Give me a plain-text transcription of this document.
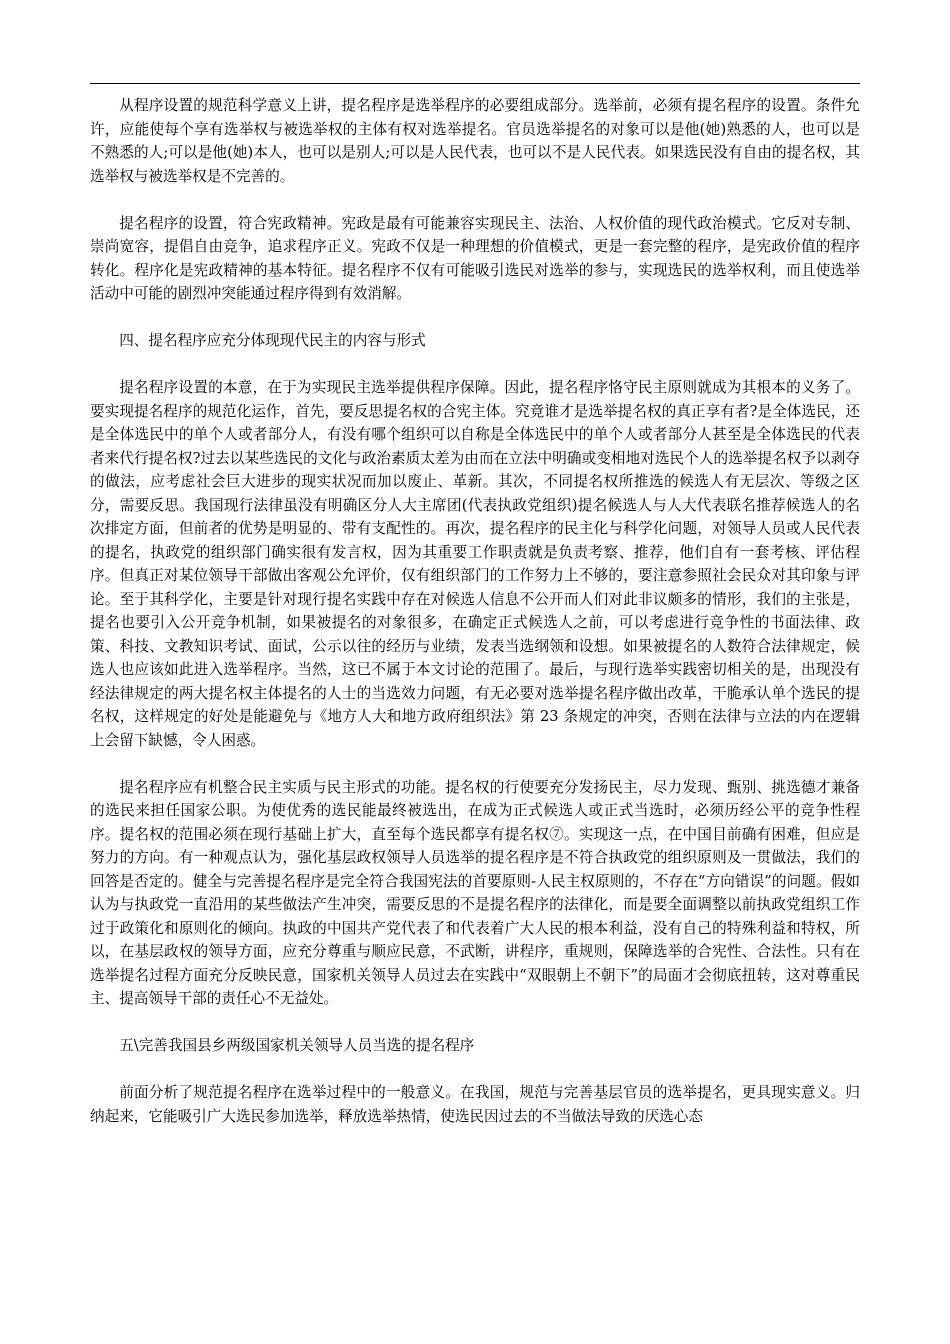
从程序设置的规范科学意义上讲，提名程序是选举程序的必要组成部分。选举前，必须有提名程序的设置。条件允许，应能使每个享有选举权与被选举权的主体有权对选举提名。官员选举提名的对象可以是他(她)熟悉的人，也可以是不熟悉的人;可以是他(她)本人，也可以是别人;可以是人民代表，也可以不是人民代表。如果选民没有自由的提名权，其选举权与被选举权是不完善的。

提名程序的设置，符合宪政精神。宪政是最有可能兼容实现民主、法治、人权价值的现代政治模式。它反对专制、崇尚宽容，提倡自由竞争，追求程序正义。宪政不仅是一种理想的价值模式，更是一套完整的程序，是宪政价值的程序转化。程序化是宪政精神的基本特征。提名程序不仅有可能吸引选民对选举的参与，实现选民的选举权利，而且使选举活动中可能的剧烈冲突能通过程序得到有效消解。

四、提名程序应充分体现现代民主的内容与形式

提名程序设置的本意，在于为实现民主选举提供程序保障。因此，提名程序恪守民主原则就成为其根本的义务了。要实现提名程序的规范化运作，首先，要反思提名权的合宪主体。究竟谁才是选举提名权的真正享有者?是全体选民，还是全体选民中的单个人或者部分人，有没有哪个组织可以自称是全体选民中的单个人或者部分人甚至是全体选民的代表者来代行提名权?过去以某些选民的文化与政治素质太差为由而在立法中明确或变相地对选民个人的选举提名权予以剥夺的做法，应考虑社会巨大进步的现实状况而加以废止、革新。其次，不同提名权所推选的候选人有无层次、等级之区分，需要反思。我国现行法律虽没有明确区分人大主席团(代表执政党组织)提名候选人与人大代表联名推荐候选人的名次排定方面，但前者的优势是明显的、带有支配性的。再次，提名程序的民主化与科学化问题，对领导人员或人民代表的提名，执政党的组织部门确实很有发言权，因为其重要工作职责就是负责考察、推荐，他们自有一套考核、评估程序。但真正对某位领导干部做出客观公允评价，仅有组织部门的工作努力上不够的，要注意参照社会民众对其印象与评论。至于其科学化，主要是针对现行提名实践中存在对候选人信息不公开而人们对此非议颇多的情形，我们的主张是，提名也要引入公开竞争机制，如果被提名的对象很多，在确定正式候选人之前，可以考虑进行竞争性的书面法律、政策、科技、文教知识考试、面试，公示以往的经历与业绩，发表当选纲领和设想。如果被提名的人数符合法律规定，候选人也应该如此进入选举程序。当然，这已不属于本文讨论的范围了。最后，与现行选举实践密切相关的是，出现没有经法律规定的两大提名权主体提名的人士的当选效力问题，有无必要对选举提名程序做出改革，干脆承认单个选民的提名权，这样规定的好处是能避免与《地方人大和地方政府组织法》第 23 条规定的冲突，否则在法律与立法的内在逻辑上会留下缺憾，令人困惑。

提名程序应有机整合民主实质与民主形式的功能。提名权的行使要充分发扬民主，尽力发现、甄别、挑选德才兼备的选民来担任国家公职。为使优秀的选民能最终被选出，在成为正式候选人或正式当选时，必须历经公平的竞争性程序。提名权的范围必须在现行基础上扩大，直至每个选民都享有提名权⑦。实现这一点，在中国目前确有困难，但应是努力的方向。有一种观点认为，强化基层政权领导人员选举的提名程序是不符合执政党的组织原则及一贯做法，我们的回答是否定的。健全与完善提名程序是完全符合我国宪法的首要原则-人民主权原则的，不存在“方向错误”的问题。假如认为与执政党一直沿用的某些做法产生冲突，需要反思的不是提名程序的法律化，而是要全面调整以前执政党组织工作过于政策化和原则化的倾向。执政的中国共产党代表了和代表着广大人民的根本利益，没有自己的特殊利益和特权，所以，在基层政权的领导方面，应充分尊重与顺应民意，不武断，讲程序，重规则，保障选举的合宪性、合法性。只有在选举提名过程方面充分反映民意，国家机关领导人员过去在实践中“双眼朝上不朝下”的局面才会彻底扭转，这对尊重民主、提高领导干部的责任心不无益处。

五\完善我国县乡两级国家机关领导人员当选的提名程序

前面分析了规范提名程序在选举过程中的一般意义。在我国，规范与完善基层官员的选举提名，更具现实意义。归纳起来，它能吸引广大选民参加选举，释放选举热情，使选民因过去的不当做法导致的厌选心态
